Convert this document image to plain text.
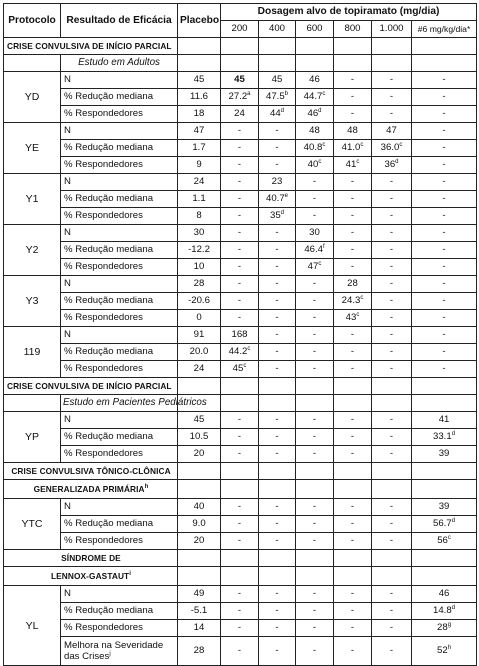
Protocolo	Resultado de Eficácia	Placebo	Dosagem alvo de topiramato (mg/dia)					
			200	400	600	800	1.000	#6 mg/kg/dia*
CRISE CONVULSIVA DE INÍCIO PARCIAL								
	Estudo em Adultos							
YD	N	45	45	45	46	-	-	-
	% Redução mediana	11.6	27.2$^a$	47.5$^b$	44.7$^c$	-	-	-
	% Respondedores	18	24	44$^d$	46$^d$	-	-	-
YE	N	47	-	-	48	48	47	-
	% Redução mediana	1.7	-	-	40.8$^c$	41.0$^c$	36.0$^c$	-
	% Respondedores	9	-	-	40$^c$	41$^c$	36$^d$	-
Y1	N	24	-	23	-	-	-	-
	% Redução mediana	1.1	-	40.7e	-	-	-	-
	% Respondedores	8	-	35$^d$	-	-	-	-
Y2	N	30	-	-	30	-	-	-
	% Redução mediana	-12.2	-	-	46.4$^f$	-	-	-
	% Respondedores	10	-	-	47$^c$	-	-	-
Y3	N	28	-	-	-	28	-	-
	% Redução mediana	-20.6	-	-	-	24.3$^c$	-	-
	% Respondedores	0	-	-	-	43$^c$	-	-
119	N	91	168	-	-	-	-	-
	% Redução mediana	20.0	44.2$^c$	-	-	-	-	-
	% Respondedores	24	45$^c$	-	-	-	-	-
CRISE CONVULSIVA DE INÍCIO PARCIAL								
	Estudo em Pacientes Pediátricos							
YP	N	45	-	-	-	-	-	41
	% Redução mediana	10.5	-	-	-	-	-	33.1$^d$
	% Respondedores	20	-	-	-	-	-	39
CRISE CONVULSIVA TÔNICO-CLÔNICA								
GENERALIZADA PRIMÁRIA$^h$							
YTC	N	40	-	-	-	-	-	39
	% Redução mediana	9.0	-	-	-	-	-	56.7$^d$
	% Respondedores	20	-	-	-	-	-	56$^c$
SÍNDROME DE								
LENNOX-GASTAUT$^i$							
YL	N	49	-	-	-	-	-	46
	% Redução mediana	-5.1	-	-	-	-	-	14.8$^d$
	% Respondedores	14	-	-	-	-	-	28$^g$
	Melhora na Severidade
das Crises$^j$	28	-	-	-	-	-	52$^h$
